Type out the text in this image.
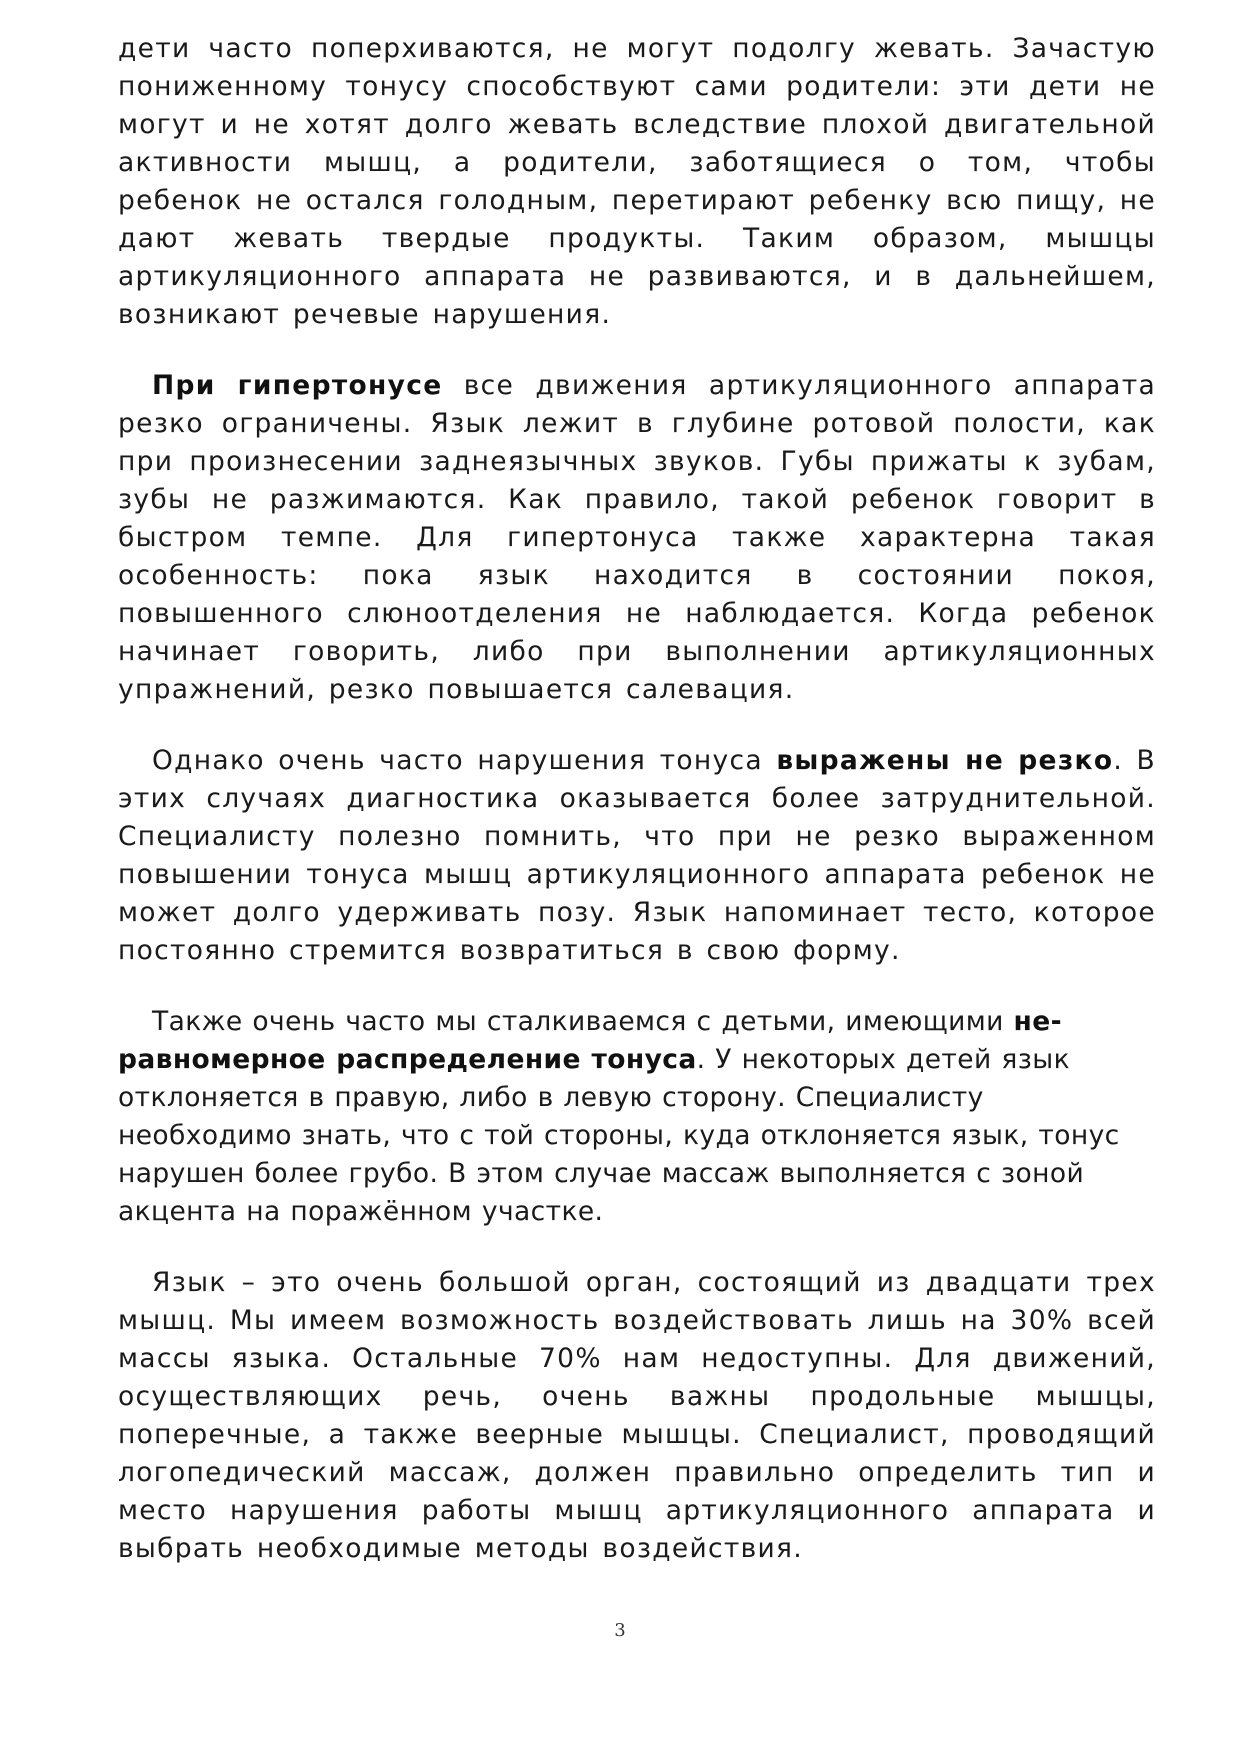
дети часто поперхиваются, не могут подолгу жевать. Зачастую пониженному тонусу способствуют сами родители: эти дети не могут и не хотят долго жевать вследствие плохой двигательной активности мышц, а родители, заботящиеся о том, чтобы ребенок не остался голодным, перетирают ребенку всю пищу, не дают жевать твердые продукты. Таким образом, мышцы артикуляционного аппарата не развиваются, и в дальнейшем, возникают речевые нарушения.

При гипертонусе все движения артикуляционного аппарата резко ограничены. Язык лежит в глубине ротовой полости, как при произнесении заднеязычных звуков. Губы прижаты к зубам, зубы не разжимаются. Как правило, такой ребенок говорит в быстром темпе. Для гипертонуса также характерна такая особенность: пока язык находится в состоянии покоя, повышенного слюноотделения не наблюдается. Когда ребенок начинает говорить, либо при выполнении артикуляционных упражнений, резко повышается салевация.

Однако очень часто нарушения тонуса выражены не резко. В этих случаях диагностика оказывается более затруднительной. Специалисту полезно помнить, что при не резко выраженном повышении тонуса мышц артикуляционного аппарата ребенок не может долго удерживать позу. Язык напоминает тесто, которое постоянно стремится возвратиться в свою форму.

Также очень часто мы сталкиваемся с детьми, имеющими не-равномерное распределение тонуса. У некоторых детей язык отклоняется в правую, либо в левую сторону. Специалисту необходимо знать, что с той стороны, куда отклоняется язык, тонус нарушен более грубо. В этом случае массаж выполняется с зоной акцента на поражённом участке.

Язык – это очень большой орган, состоящий из двадцати трех мышц. Мы имеем возможность воздействовать лишь на 30% всей массы языка. Остальные 70% нам недоступны. Для движений, осуществляющих речь, очень важны продольные мышцы, поперечные, а также веерные мышцы. Специалист, проводящий логопедический массаж, должен правильно определить тип и место нарушения работы мышц артикуляционного аппарата и выбрать необходимые методы воздействия.

3
